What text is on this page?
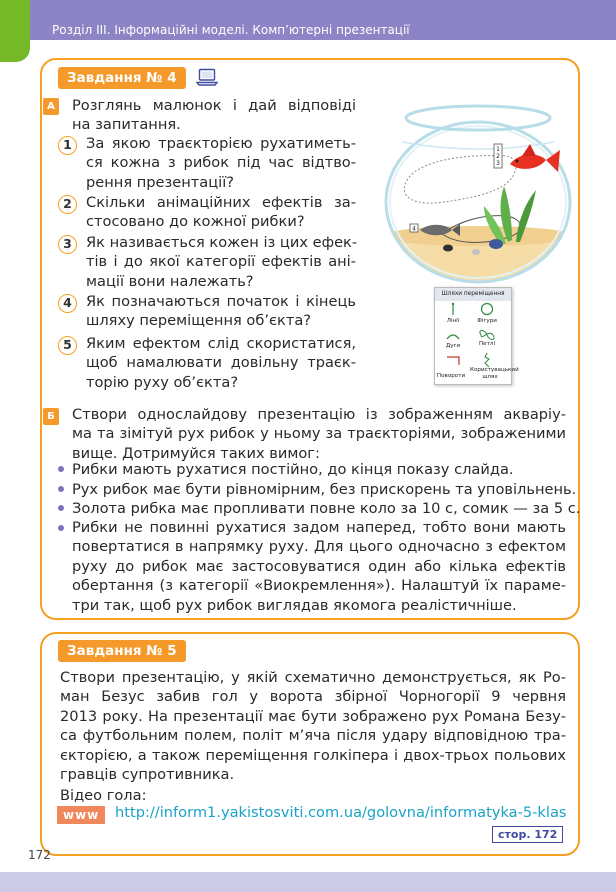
Розділ ІІІ. Інформаційні моделі. Комп’ютерні презентації
Завдання № 4
А Розглянь малюнок і дай відповіді
на запитання.
1 За якою траєкторією рухатиметь-
ся кожна з рибок під час відтво-
рення презентації?
2 Скільки анімаційних ефектів за-
стосовано до кожної рибки?
3 Як називається кожен із цих ефек-
тів і до якої категорії ефектів ані-
мації вони належать?
4 Як позначаються початок і кінець
шляху переміщення об’єкта?
5 Яким ефектом слід скористатися,
щоб намалювати довільну траєк-
торію руху об’єкта?
1
2
3
4
Шляхи переміщення
Лінії	Фігури
Дуги	Петлі
Повороти
Користувацький шлях
Б Створи однослайдову презентацію із зображенням акваріу-
ма та зімітуй рух рибок у ньому за траєкторіями, зображеними
вище. Дотримуйся таких вимог:
Рибки мають рухатися постійно, до кінця показу слайда.
Рух рибок має бути рівномірним, без прискорень та уповільнень.
Золота рибка має пропливати повне коло за 10 с, сомик — за 5 с.
Рибки не повинні рухатися задом наперед, тобто вони мають
повертатися в напрямку руху. Для цього одночасно з ефектом
руху до рибок має застосовуватися один або кілька ефектів
обертання (з категорії «Виокремлення»). Налаштуй їх параме-
три так, щоб рух рибок виглядав якомога реалістичніше.
Завдання № 5
Створи презентацію, у якій схематично демонструється, як Ро-
ман Безус забив гол у ворота збірної Чорногорії 9 червня
2013 року. На презентації має бути зображено рух Романа Безу-
са футбольним полем, політ м’яча після удару відповідною тра-
єкторією, а також переміщення голкіпера і двох-трьох польових
гравців супротивника.
Відео гола:
www	http://inform1.yakistosviti.com.ua/golovna/informatyka-5-klas
стор. 172
172
